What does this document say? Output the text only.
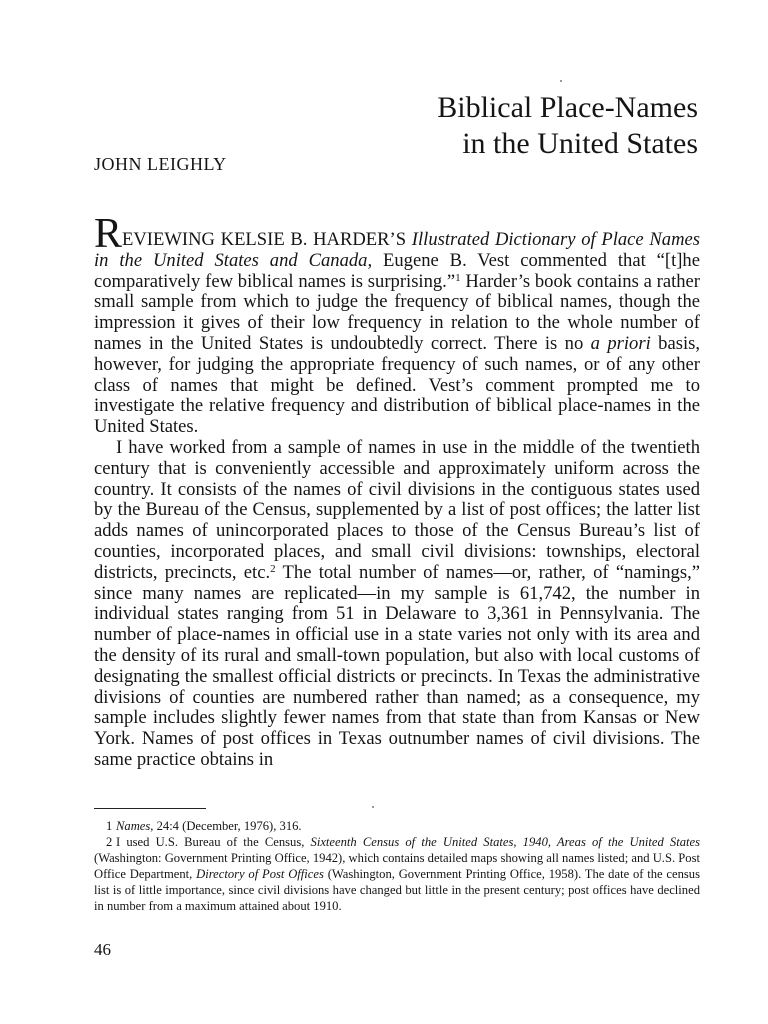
Biblical Place-Names
in the United States
JOHN LEIGHLY

REVIEWING KELSIE B. HARDER’S Illustrated Dictionary of Place Names in the United States and Canada, Eugene B. Vest commented that “[t]he comparatively few biblical names is surprising.”$^1$ Harder’s book contains a rather small sample from which to judge the frequency of biblical names, though the impression it gives of their low frequency in relation to the whole number of names in the United States is undoubtedly correct. There is no a priori basis, however, for judging the appropriate frequency of such names, or of any other class of names that might be defined. Vest’s comment prompted me to investigate the relative frequency and distribution of biblical place-names in the United States.

I have worked from a sample of names in use in the middle of the twentieth century that is conveniently accessible and approximately uniform across the country. It consists of the names of civil divisions in the contiguous states used by the Bureau of the Census, supplemented by a list of post offices; the latter list adds names of unincorporated places to those of the Census Bureau’s list of counties, incorporated places, and small civil divisions: townships, electoral districts, precincts, etc.$^2$ The total number of names—or, rather, of “namings,” since many names are replicated—in my sample is 61,742, the number in individual states ranging from 51 in Delaware to 3,361 in Pennsylvania. The number of place-names in official use in a state varies not only with its area and the density of its rural and small-town population, but also with local customs of designating the smallest official districts or precincts. In Texas the administrative divisions of counties are numbered rather than named; as a consequence, my sample includes slightly fewer names from that state than from Kansas or New York. Names of post offices in Texas outnumber names of civil divisions. The same practice obtains in

1 Names, 24:4 (December, 1976), 316.

2 I used U.S. Bureau of the Census, Sixteenth Census of the United States, 1940, Areas of the United States (Washington: Government Printing Office, 1942), which contains detailed maps showing all names listed; and U.S. Post Office Department, Directory of Post Offices (Washington, Government Printing Office, 1958). The date of the census list is of little importance, since civil divisions have changed but little in the present century; post offices have declined in number from a maximum attained about 1910.

46
